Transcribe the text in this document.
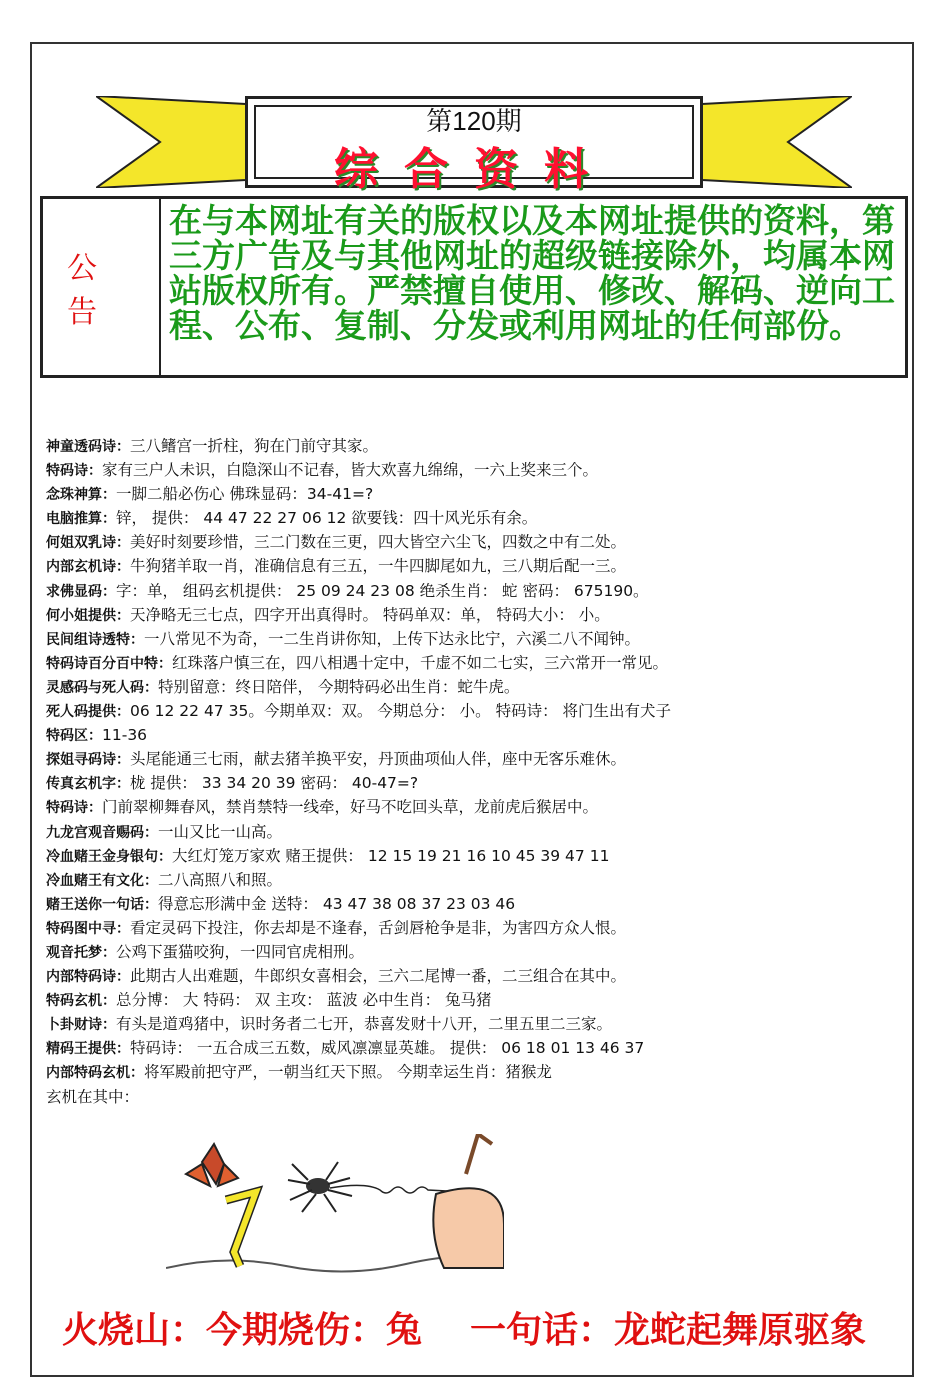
第120期
综合资料
公告
在与本网址有关的版权以及本网址提供的资料，第三方广告及与其他网址的超级链接除外，均属本网站版权所有。严禁擅自使用、修改、解码、逆向工程、公布、复制、分发或利用网址的任何部份。
神童透码诗：三八鳍宫一折柱，狗在门前守其家。
特码诗：家有三户人未识，白隐深山不记春，皆大欢喜九绵绵，一六上奖来三个。
念珠神算：一脚二船必伤心 佛珠显码：34-41=?
电脑推算：锌， 提供： 44 47 22 27 06 12 欲要钱：四十风光乐有余。
何姐双乳诗：美好时刻要珍惜，三二门数在三更，四大皆空六尘飞，四数之中有二处。
内部玄机诗：牛狗猪羊取一肖，准确信息有三五，一牛四脚尾如九，三八期后配一三。
求佛显码：字：单， 组码玄机提供： 25 09 24 23 08 绝杀生肖： 蛇 密码： 675190。
何小姐提供：天净略无三七点，四字开出真得时。 特码单双：单， 特码大小： 小。
民间组诗透特：一八常见不为奇，一二生肖讲你知，上传下达永比宁，六溪二八不闻钟。
特码诗百分百中特：红珠落户慎三在，四八相遇十定中，千虚不如二七实，三六常开一常见。
灵感码与死人码：特别留意：终日陪伴， 今期特码必出生肖：蛇牛虎。
死人码提供：06 12 22 47 35。今期单双：双。 今期总分： 小。 特码诗： 将门生出有犬子
特码区：11-36
探姐寻码诗：头尾能通三七雨，献去猪羊换平安，丹顶曲项仙人伴，座中无客乐难休。
传真玄机字：栊 提供： 33 34 20 39 密码： 40-47=?
特码诗：门前翠柳舞春风，禁肖禁特一线牵，好马不吃回头草，龙前虎后猴居中。
九龙宫观音赐码：一山又比一山高。
冷血赌王金身银句：大红灯笼万家欢 赌王提供： 12 15 19 21 16 10 45 39 47 11
冷血赌王有文化：二八高照八和照。
赌王送你一句话：得意忘形满中金 送特： 43 47 38 08 37 23 03 46
特码图中寻：看定灵码下投注，你去却是不逢春，舌剑唇枪争是非，为害四方众人恨。
观音托梦：公鸡下蛋猫咬狗，一四同官虎相刑。
内部特码诗：此期古人出难题，牛郎织女喜相会，三六二尾博一番，二三组合在其中。
特码玄机：总分博： 大 特码： 双 主攻： 蓝波 必中生肖： 兔马猪
卜卦财诗：有头是道鸡猪中，识时务者二七开，恭喜发财十八开，二里五里二三家。
精码王提供：特码诗： 一五合成三五数，威风凛凛显英雄。 提供： 06 18 01 13 46 37
内部特码玄机：将军殿前把守严，一朝当红天下照。 今期幸运生肖：猪猴龙
玄机在其中：
火烧山：今期烧伤：兔 一句话：龙蛇起舞原驱象
